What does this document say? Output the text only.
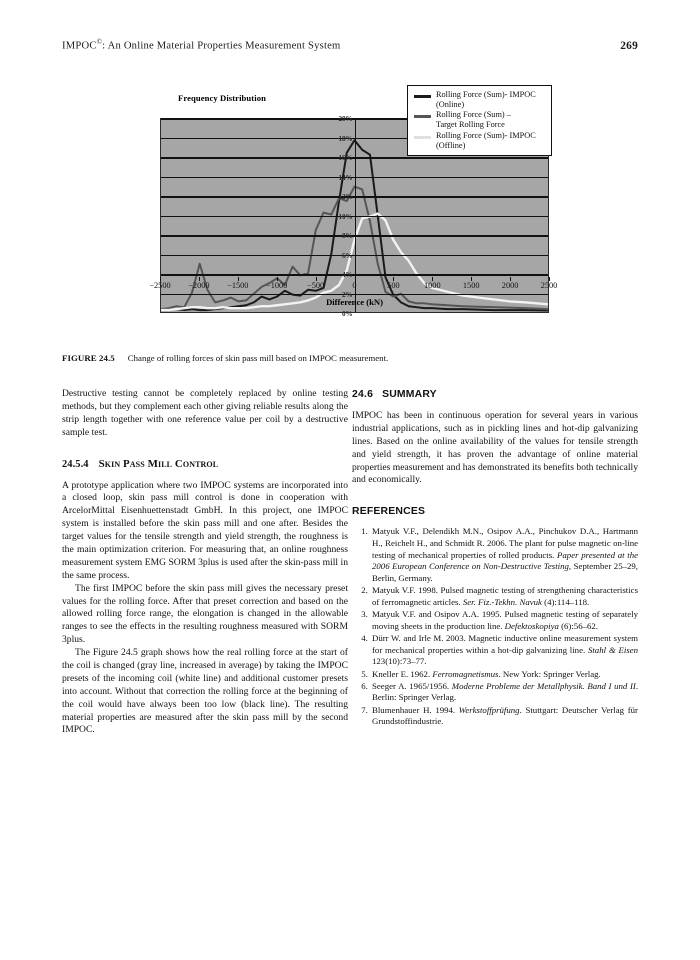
IMPOC©: An Online Material Properties Measurement System	269
Frequency Distribution
0%
2%
4%
6%
8%
10%
12%
14%
16%
18%
20%
−2500 −2000 −1500 −1000 −500	0	500	1000	1500	2000	2500
Difference (kN)
Rolling Force (Sum)- IMPOC
(Online)
Rolling Force (Sum) –
Target Rolling Force
Rolling Force (Sum)- IMPOC
(Offline)
FIGURE 24.5 Change of rolling forces of skin pass mill based on IMPOC measurement.

Destructive testing cannot be completely replaced by online testing methods, but they complement each other giving reliable results along the strip length together with one reference value per coil by a destructive sample test.

24.5.4 Skin Pass Mill Control

A prototype application where two IMPOC systems are incorporated into a closed loop, skin pass mill control is done in cooperation with ArcelorMittal Eisenhuettenstadt GmbH. In this project, one IMPOC system is installed before the skin pass mill and one after. Besides the target values for the tensile strength and yield strength, the roughness is the main optimization criterion. For measuring that, an online roughness measurement system EMG SORM 3plus is used after the skin-pass mill in the same process.

The first IMPOC before the skin pass mill gives the necessary preset values for the rolling force. After that preset correction and based on the allowed rolling force range, the elongation is changed in the allowable ranges to see the effects in the resulting roughness measured with SORM 3plus.

The Figure 24.5 graph shows how the real rolling force at the start of the coil is changed (gray line, increased in average) by taking the IMPOC presets of the incoming coil (white line) and additional customer presets into account. Without that correction the rolling force at the beginning of the coil would have always been too low (black line). The resulting material properties are measured after the skin pass mill by the second IMPOC.

24.6 SUMMARY

IMPOC has been in continuous operation for several years in various industrial applications, such as in pickling lines and hot-dip galvanizing lines. Based on the online availability of the values for tensile strength and yield strength, it has proven the advantage of online material properties measurement and has demonstrated its benefits both technically and economically.

REFERENCES
1. Matyuk V.F., Delendikh M.N., Osipov A.A., Pinchukov D.A., Hartmann H., Reichelt H., and Schmidt R. 2006. The plant for pulse magnetic on-line testing of mechanical properties of rolled products. Paper presented at the 2006 European Conference on Non-Destructive Testing, September 25–29, Berlin, Germany.
2. Matyuk V.F. 1998. Pulsed magnetic testing of strengthening characteristics of ferromagnetic articles. Ser. Fiz.-Tekhn. Navuk (4):114–118.
3. Matyuk V.F. and Osipov A.A. 1995. Pulsed magnetic testing of separately moving sheets in the production line. Defektoskopiya (6):56–62.
4. Dürr W. and Irle M. 2003. Magnetic inductive online measurement system for mechanical properties within a hot-dip galvanizing line. Stahl & Eisen 123(10):73–77.
5. Kneller E. 1962. Ferromagnetismus. New York: Springer Verlag.
6. Seeger A. 1965/1956. Moderne Probleme der Metallphysik. Band I und II. Berlin: Springer Verlag.
7. Blumenhauer H. 1994. Werkstoffprüfung. Stuttgart: Deutscher Verlag für Grundstoffindustrie.
